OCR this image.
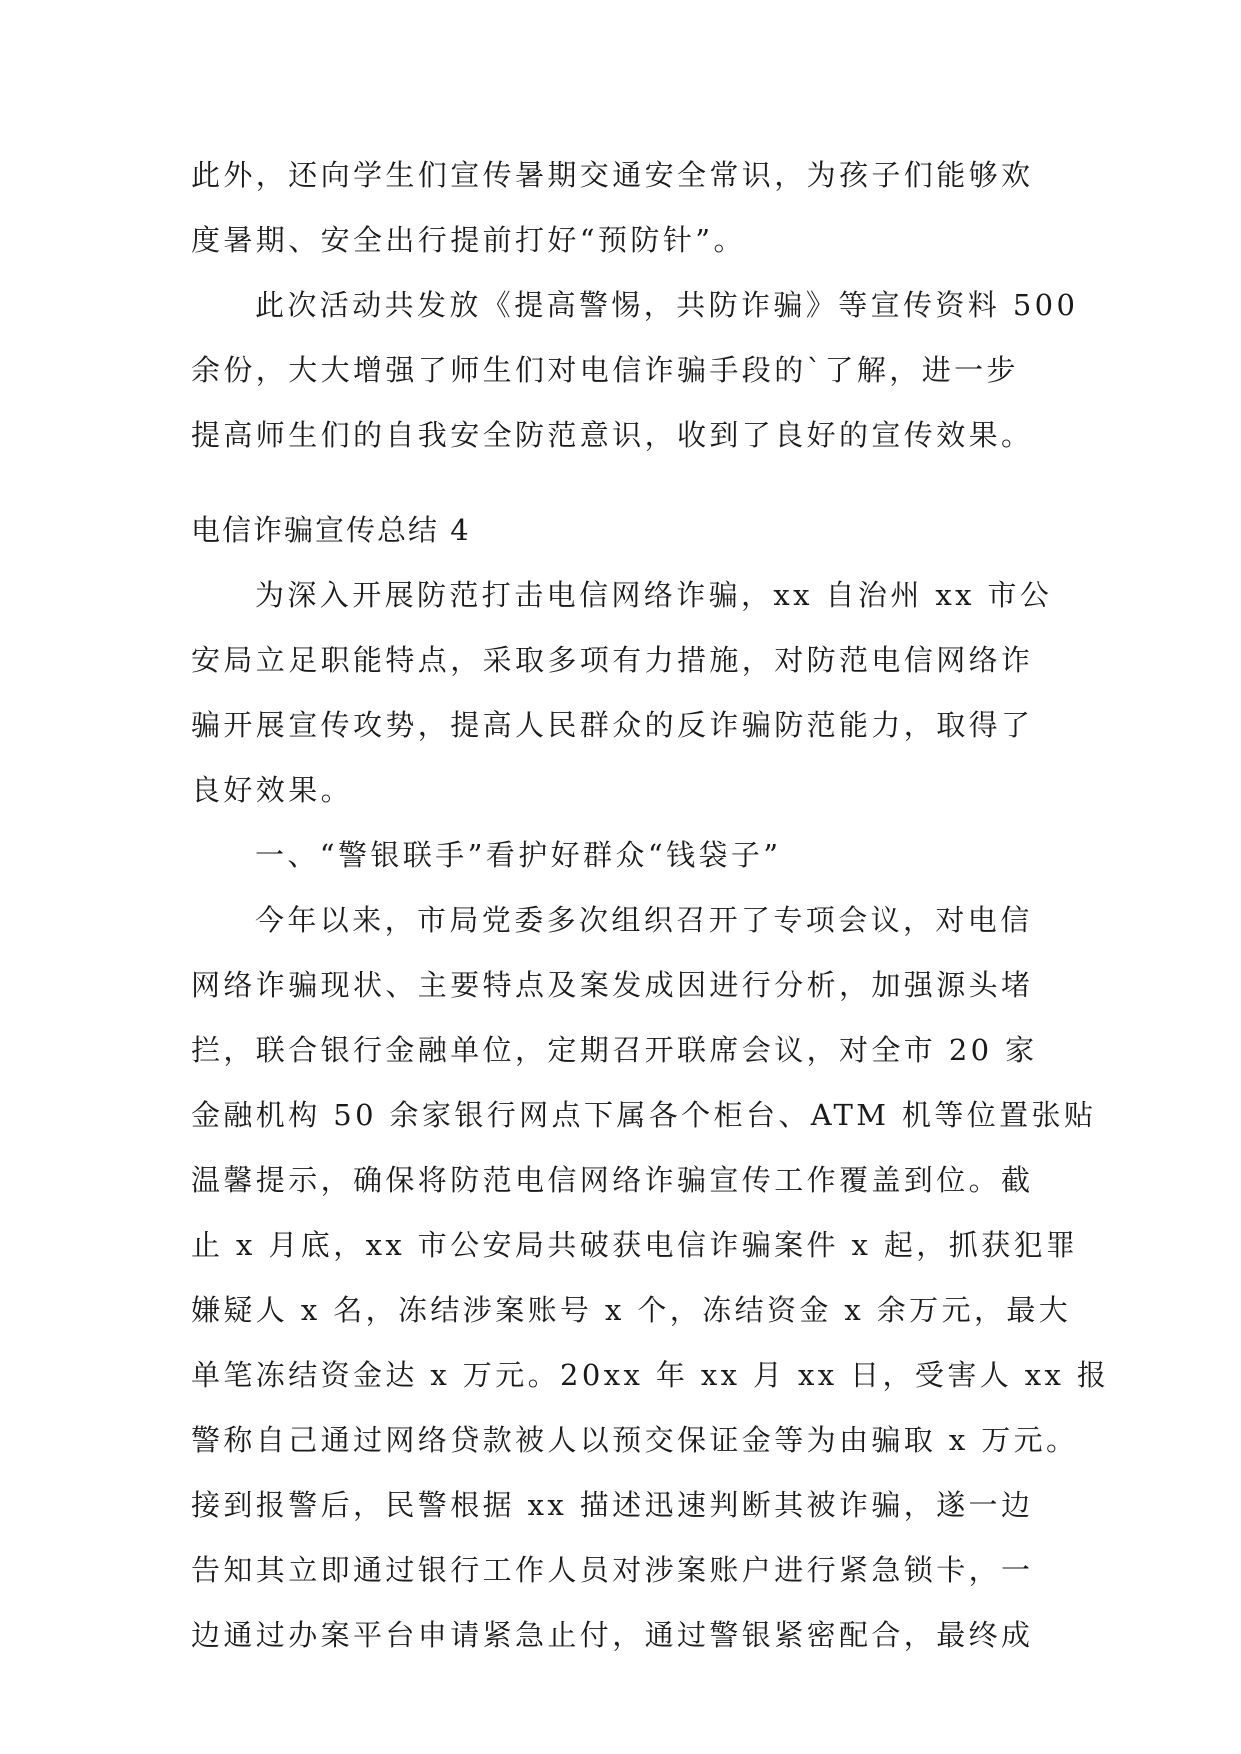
此外，还向学生们宣传暑期交通安全常识，为孩子们能够欢
度暑期、安全出行提前打好“预防针”。
此次活动共发放《提高警惕，共防诈骗》等宣传资料 500
余份，大大增强了师生们对电信诈骗手段的`了解，进一步
提高师生们的自我安全防范意识，收到了良好的宣传效果。
电信诈骗宣传总结 4
为深入开展防范打击电信网络诈骗，xx 自治州 xx 市公
安局立足职能特点，采取多项有力措施，对防范电信网络诈
骗开展宣传攻势，提高人民群众的反诈骗防范能力，取得了
良好效果。
一、“警银联手”看护好群众“钱袋子”
今年以来，市局党委多次组织召开了专项会议，对电信
网络诈骗现状、主要特点及案发成因进行分析，加强源头堵
拦，联合银行金融单位，定期召开联席会议，对全市 20 家
金融机构 50 余家银行网点下属各个柜台、ATM 机等位置张贴
温馨提示，确保将防范电信网络诈骗宣传工作覆盖到位。截
止 x 月底，xx 市公安局共破获电信诈骗案件 x 起，抓获犯罪
嫌疑人 x 名，冻结涉案账号 x 个，冻结资金 x 余万元，最大
单笔冻结资金达 x 万元。20xx 年 xx 月 xx 日，受害人 xx 报
警称自己通过网络贷款被人以预交保证金等为由骗取 x 万元。
接到报警后，民警根据 xx 描述迅速判断其被诈骗，遂一边
告知其立即通过银行工作人员对涉案账户进行紧急锁卡，一
边通过办案平台申请紧急止付，通过警银紧密配合，最终成
